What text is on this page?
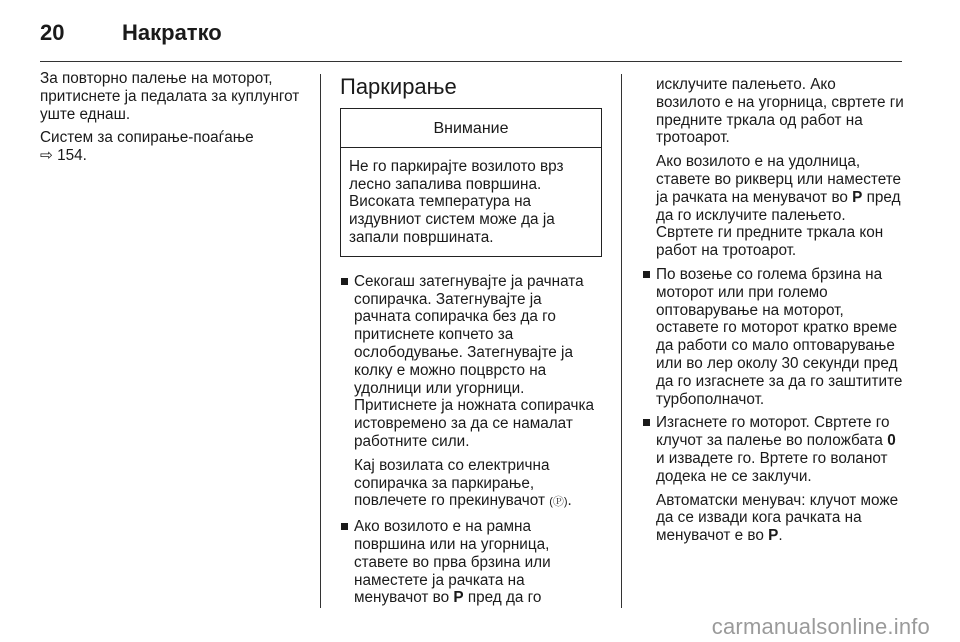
20	Накратко

За повторно палење на моторот, притиснете ја педалата за куплунгот уште еднаш.

Систем за сопирање-поаѓање
⇨ 154.

Паркирање
Внимание
Не го паркирајте возилото врз лесно запалива површина. Високата температура на издувниот систем може да ја запали површината.
Секогаш затегнувајте ја рачната сопирачка. Затегнувајте ја рачната сопирачка без да го притиснете копчето за ослободување. Затегнувајте ја колку е можно поцврсто на удолници или угорници. Притиснете ја ножната сопирачка истовремено за да се намалат работните сили.
Кај возилата со електрична сопирачка за паркирање, повлечете го прекинувачот (Ⓟ).
Ако возилото е на рамна површина или на угорница, ставете во прва брзина или наместете ја рачката на менувачот во P пред да го

исклучите палењето. Ако возилото е на угорница, свртете ги предните тркала од работ на тротоарот.

Ако возилото е на удолница, ставете во рикверц или наместете ја рачката на менувачот во P пред да го исклучите палењето. Свртете ги предните тркала кон работ на тротоарот.

По возење со голема брзина на моторот или при големо оптоварување на моторот, оставете го моторот кратко време да работи со мало оптоварување или во лер околу 30 секунди пред да го изгаснете за да го заштитите турбополначот.
Изгаснете го моторот. Свртете го клучот за палење во положбата 0 и извадете го. Вртете го воланот додека не се заклучи.
Автоматски менувач: клучот може да се извади кога рачката на менувачот е во P.
carmanualsonline.info
